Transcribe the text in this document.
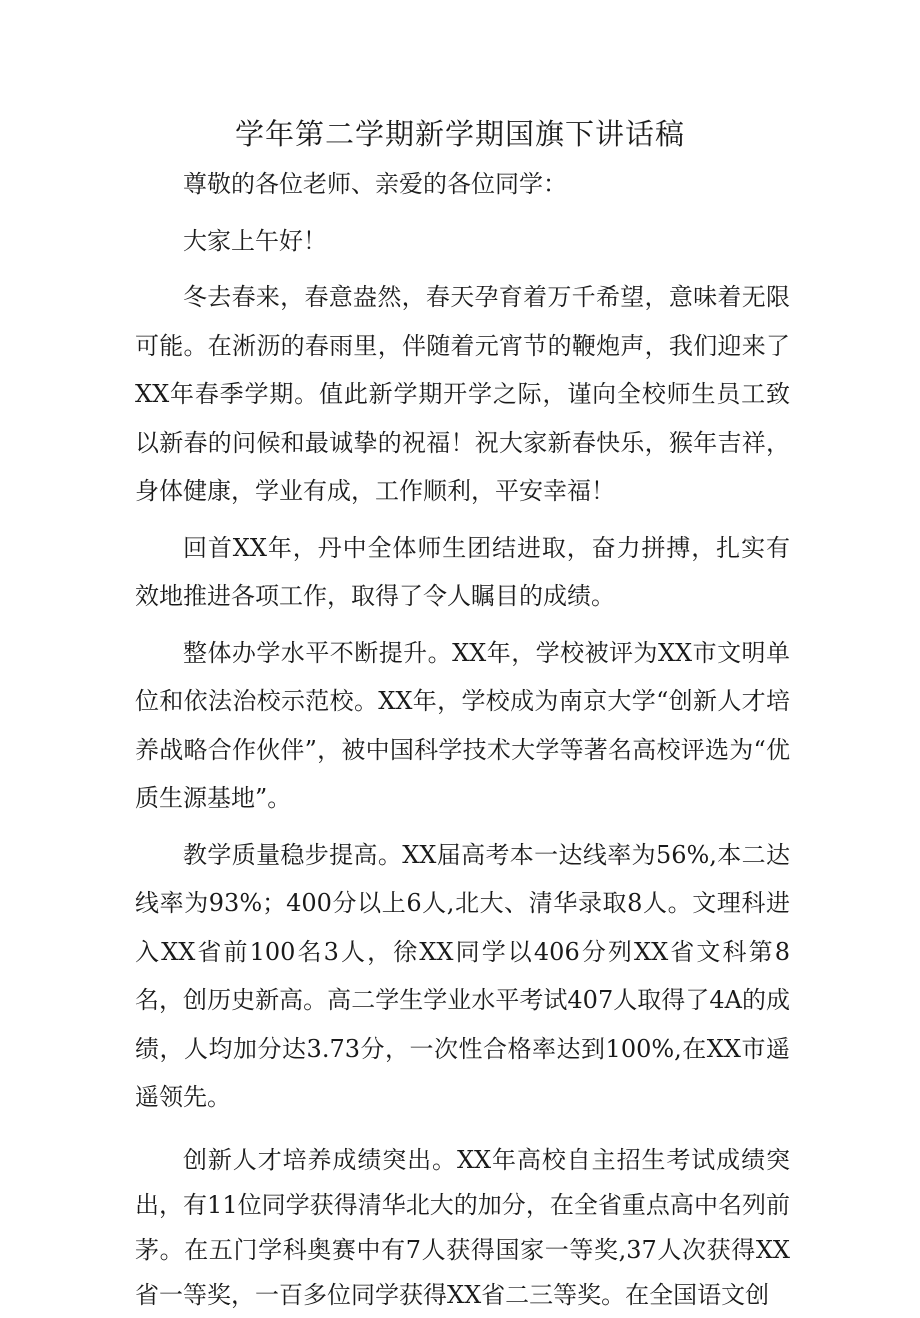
学年第二学期新学期国旗下讲话稿

尊敬的各位老师、亲爱的各位同学：

大家上午好！

冬去春来，春意盎然，春天孕育着万千希望，意味着无限可能。在淅沥的春雨里，伴随着元宵节的鞭炮声，我们迎来了XX年春季学期。值此新学期开学之际，谨向全校师生员工致以新春的问候和最诚挚的祝福！祝大家新春快乐，猴年吉祥，身体健康，学业有成，工作顺利，平安幸福！

回首XX年，丹中全体师生团结进取，奋力拼搏，扎实有效地推进各项工作，取得了令人瞩目的成绩。

整体办学水平不断提升。XX年，学校被评为XX市文明单位和依法治校示范校。XX年，学校成为南京大学“创新人才培养战略合作伙伴”，被中国科学技术大学等著名高校评选为“优质生源基地”。

教学质量稳步提高。XX届高考本一达线率为56%,本二达线率为93%；400分以上6人,北大、清华录取8人。文理科进入XX省前100名3人，徐XX同学以406分列XX省文科第8名，创历史新高。高二学生学业水平考试407人取得了4A的成绩，人均加分达3.73分，一次性合格率达到100%,在XX市遥遥领先。

创新人才培养成绩突出。XX年高校自主招生考试成绩突出，有11位同学获得清华北大的加分，在全省重点高中名列前茅。在五门学科奥赛中有7人获得国家一等奖,37人次获得XX省一等奖，一百多位同学获得XX省二三等奖。在全国语文创
